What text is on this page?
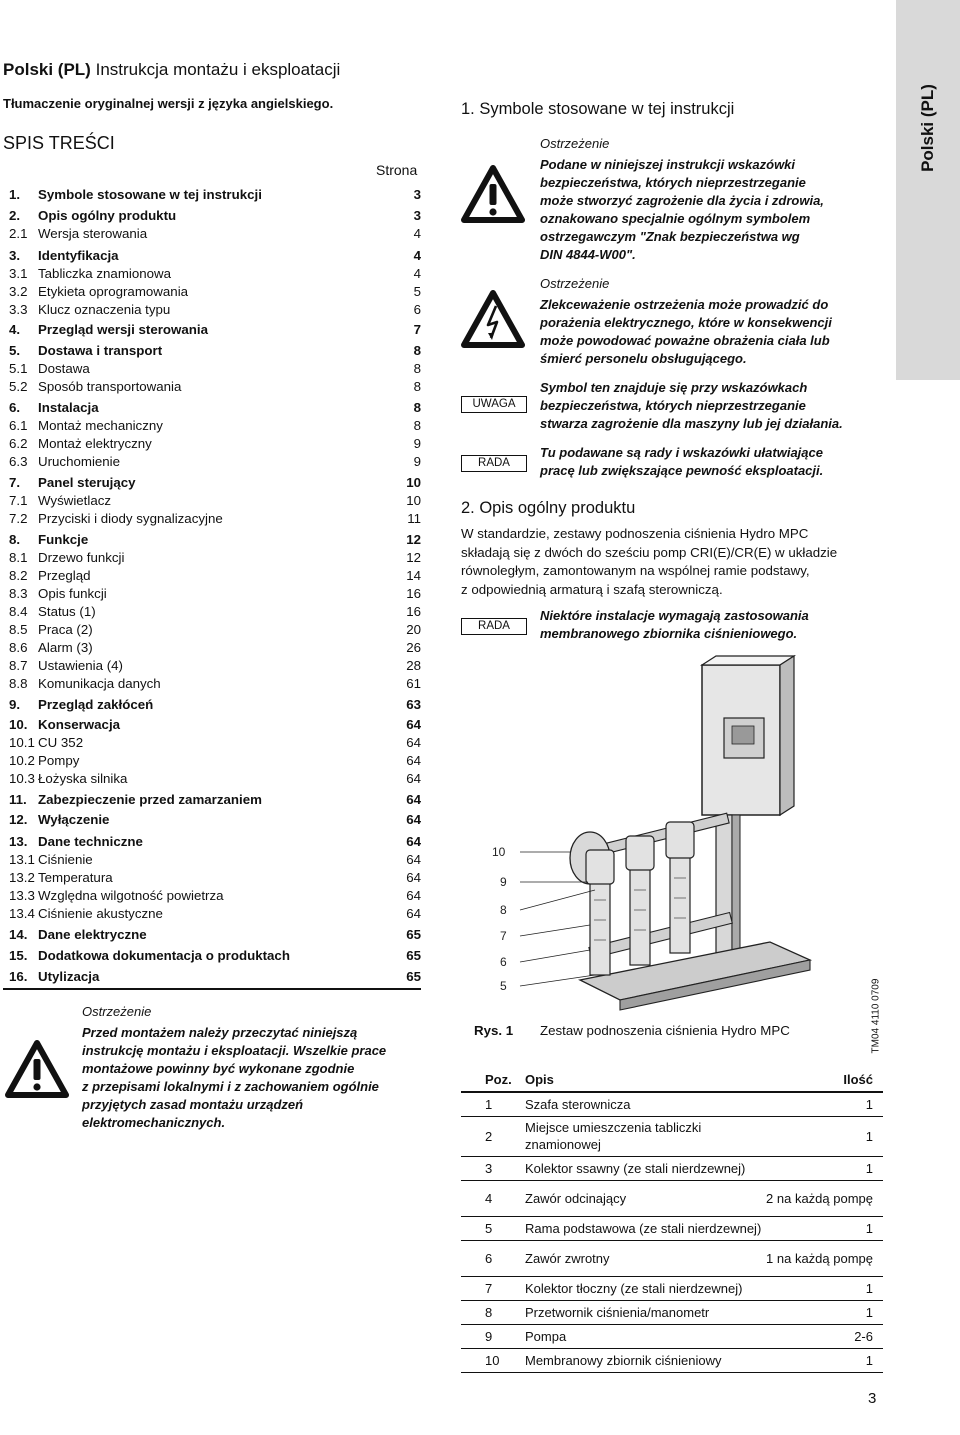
Polski (PL)
Polski (PL) Instrukcja montażu i eksploatacji
Tłumaczenie oryginalnej wersji z języka angielskiego.
SPIS TREŚCI
Strona
1. Symbole stosowane w tej instrukcji	3
2. Opis ogólny produktu	3
2.1 Wersja sterowania	4
3. Identyfikacja	4
3.1 Tabliczka znamionowa	4
3.2 Etykieta oprogramowania	5
3.3 Klucz oznaczenia typu	6
4. Przegląd wersji sterowania	7
5. Dostawa i transport	8
5.1 Dostawa	8
5.2 Sposób transportowania	8
6. Instalacja	8
6.1 Montaż mechaniczny	8
6.2 Montaż elektryczny	9
6.3 Uruchomienie	9
7. Panel sterujący	10
7.1 Wyświetlacz	10
7.2 Przyciski i diody sygnalizacyjne	11
8. Funkcje	12
8.1 Drzewo funkcji	12
8.2 Przegląd	14
8.3 Opis funkcji	16
8.4 Status (1)	16
8.5 Praca (2)	20
8.6 Alarm (3)	26
8.7 Ustawienia (4)	28
8.8 Komunikacja danych	61
9. Przegląd zakłóceń	63
10. Konserwacja	64
10.1 CU 352	64
10.2 Pompy	64
10.3 Łożyska silnika	64
11. Zabezpieczenie przed zamarzaniem	64
12. Wyłączenie	64
13. Dane techniczne	64
13.1 Ciśnienie	64
13.2 Temperatura	64
13.3 Względna wilgotność powietrza	64
13.4 Ciśnienie akustyczne	64
14. Dane elektryczne	65
15. Dodatkowa dokumentacja o produktach	65
16. Utylizacja	65
Ostrzeżenie
Przed montażem należy przeczytać niniejszą
instrukcję montażu i eksploatacji. Wszelkie prace
montażowe powinny być wykonane zgodnie
z przepisami lokalnymi i z zachowaniem ogólnie
przyjętych zasad montażu urządzeń
elektromechanicznych.
1. Symbole stosowane w tej instrukcji
Ostrzeżenie
Podane w niniejszej instrukcji wskazówki
bezpieczeństwa, których nieprzestrzeganie
może stworzyć zagrożenie dla życia i zdrowia,
oznakowano specjalnie ogólnym symbolem
ostrzegawczym "Znak bezpieczeństwa wg
DIN 4844-W00".
Ostrzeżenie
Zlekceważenie ostrzeżenia może prowadzić do
porażenia elektrycznego, które w konsekwencji
może powodować poważne obrażenia ciała lub
śmierć personelu obsługującego.
UWAGA
Symbol ten znajduje się przy wskazówkach
bezpieczeństwa, których nieprzestrzeganie
stwarza zagrożenie dla maszyny lub jej działania.
RADA
Tu podawane są rady i wskazówki ułatwiające
pracę lub zwiększające pewność eksploatacji.
2. Opis ogólny produktu
W standardzie, zestawy podnoszenia ciśnienia Hydro MPC
składają się z dwóch do sześciu pomp CRI(E)/CR(E) w układzie
równoległym, zamontowanym na wspólnej ramie podstawy,
z odpowiednią armaturą i szafą sterowniczą.
RADA
Niektóre instalacje wymagają zastosowania
membranowego zbiornika ciśnieniowego.
10
9
8
7
6
5	TM04 4110 0709
Rys. 1 Zestaw podnoszenia ciśnienia Hydro MPC
Poz.	Opis	Ilość
1	Szafa sterownicza	1
2	Miejsce umieszczenia tabliczki znamionowej	1
3	Kolektor ssawny (ze stali nierdzewnej)	1
4	Zawór odcinający	2 na każdą pompę
5	Rama podstawowa (ze stali nierdzewnej)	1
6	Zawór zwrotny	1 na każdą pompę
7	Kolektor tłoczny (ze stali nierdzewnej)	1
8	Przetwornik ciśnienia/manometr	1
9	Pompa	2-6
10	Membranowy zbiornik ciśnieniowy	1
3
